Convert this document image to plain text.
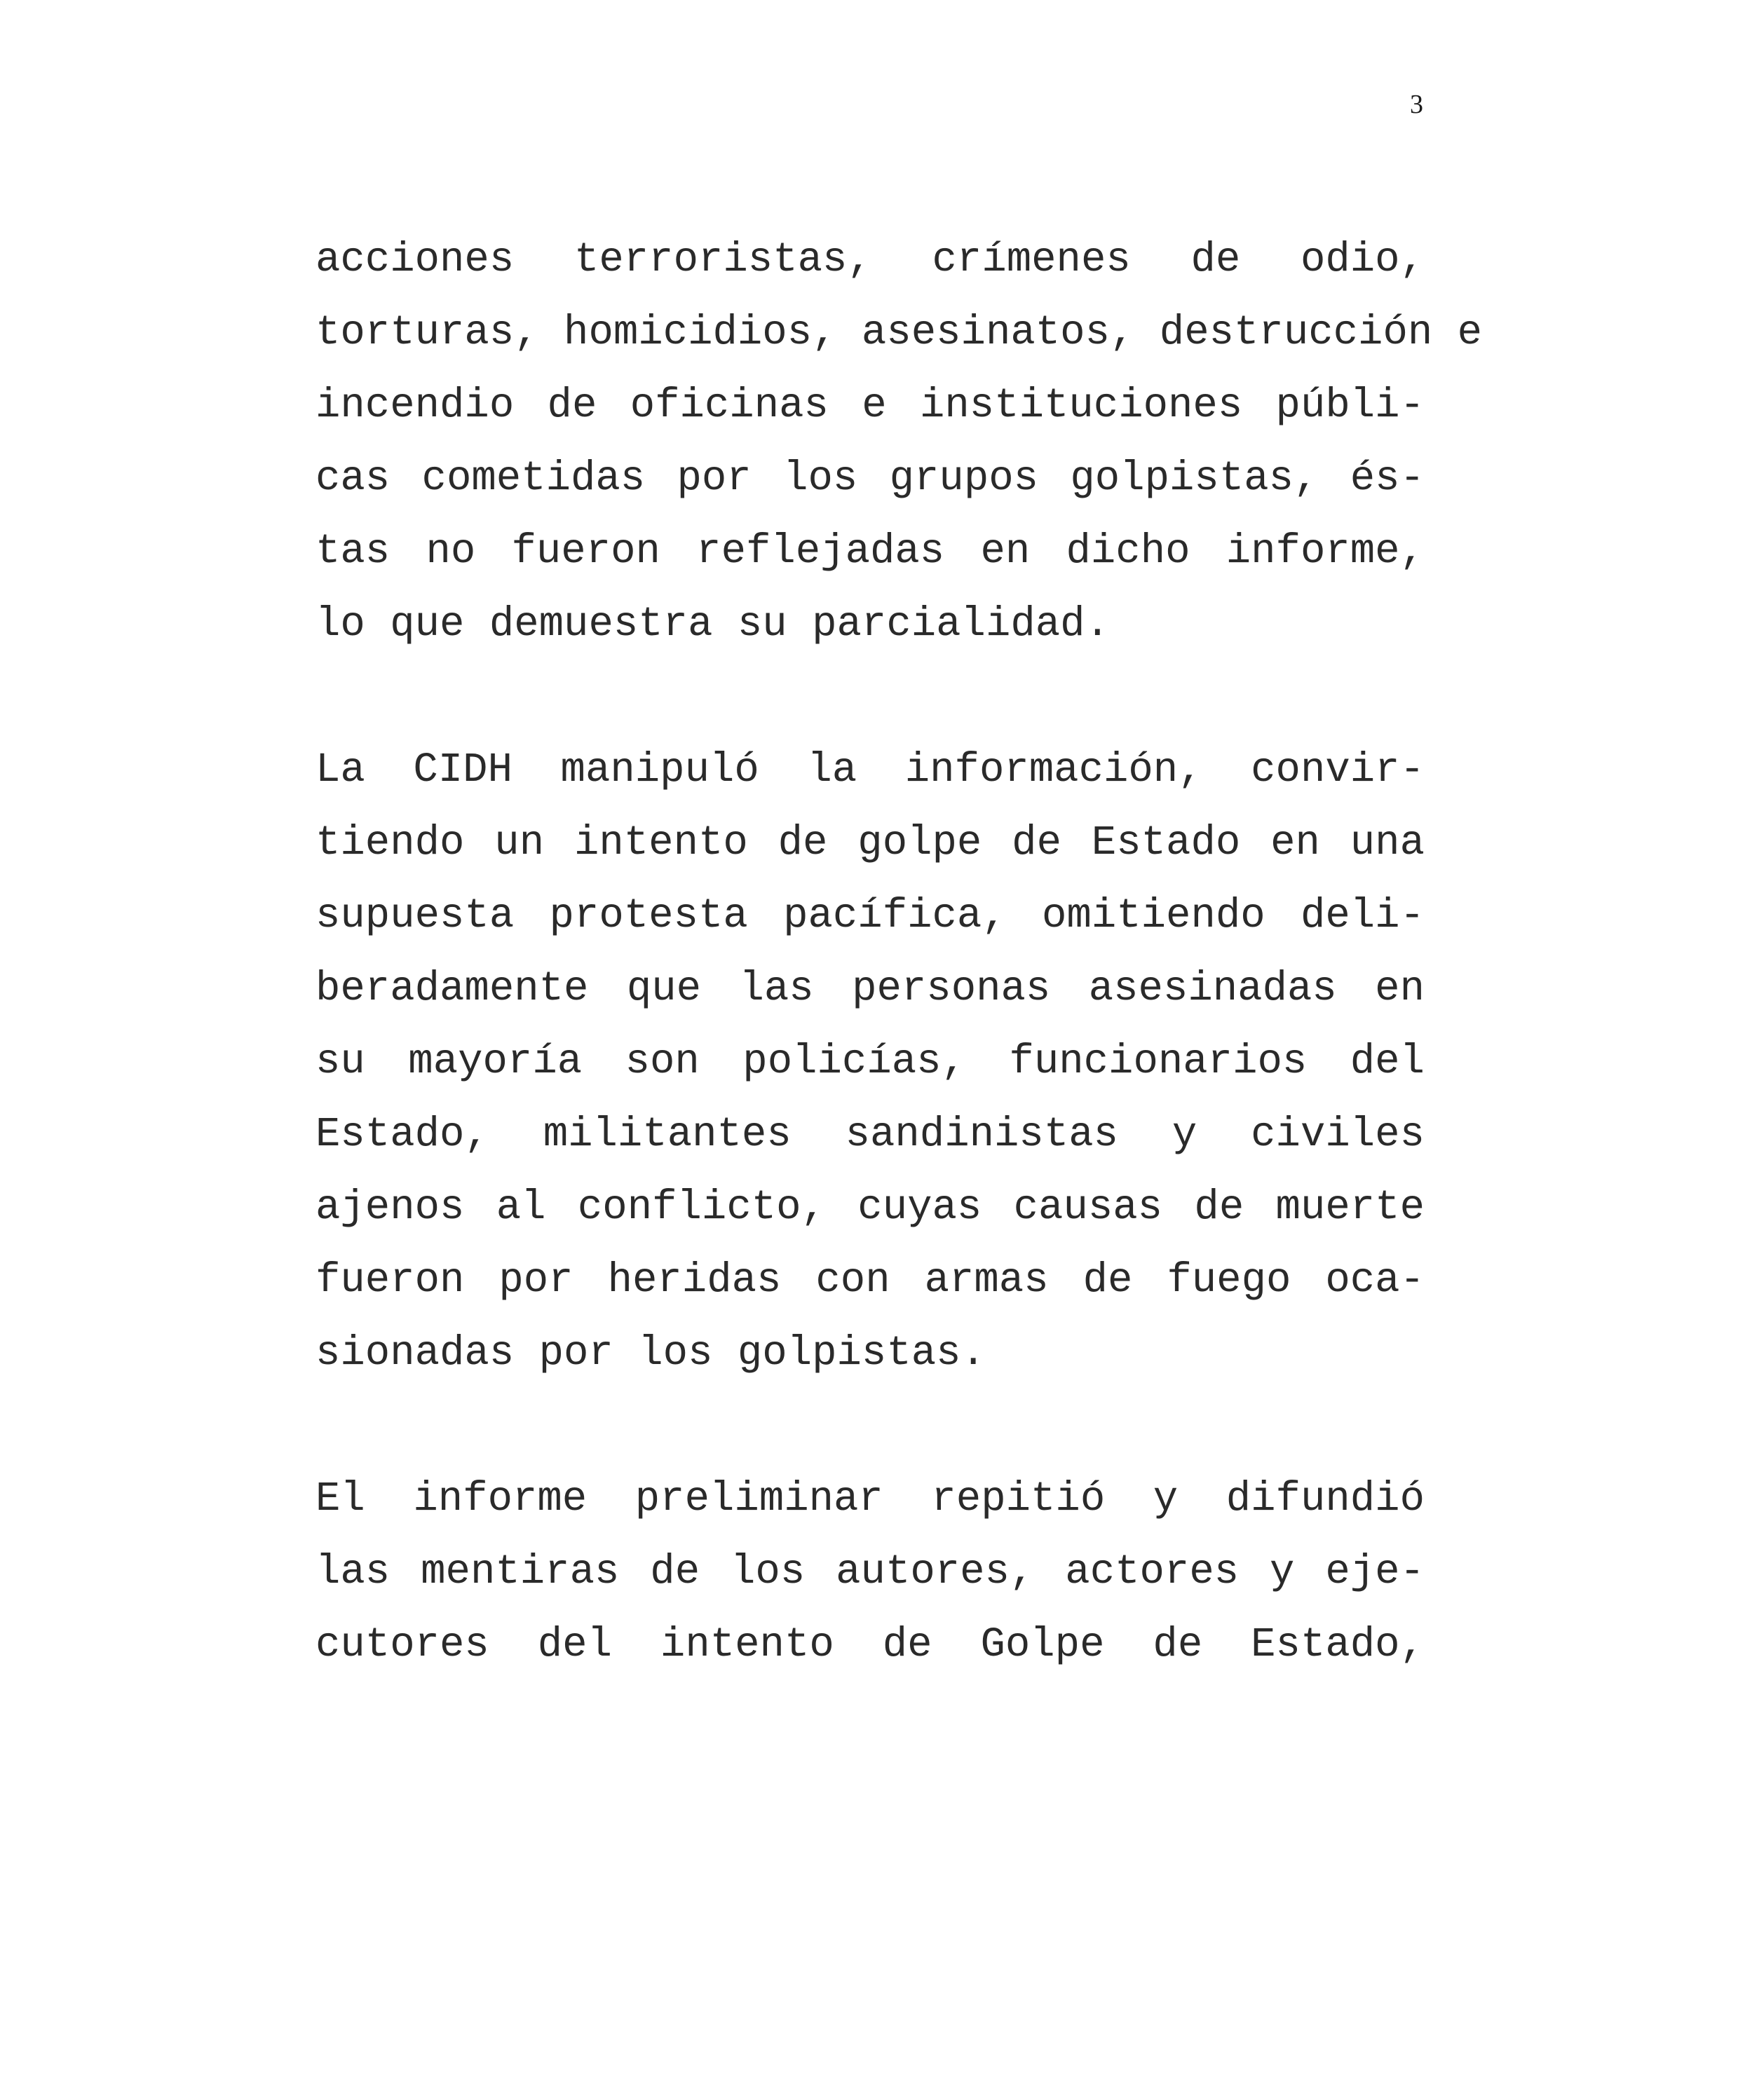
3
acciones terroristas, crímenes de odio,
torturas, homicidios, asesinatos, destrucción e
incendio de oficinas e instituciones públi-
cas cometidas por los grupos golpistas, és-
tas no fueron reflejadas en dicho informe,
lo que demuestra su parcialidad.
La CIDH manipuló la información, convir-
tiendo un intento de golpe de Estado en una
supuesta protesta pacífica, omitiendo deli-
beradamente que las personas asesinadas en
su mayoría son policías, funcionarios del
Estado, militantes sandinistas y civiles
ajenos al conflicto, cuyas causas de muerte
fueron por heridas con armas de fuego oca-
sionadas por los golpistas.
El informe preliminar repitió y difundió
las mentiras de los autores, actores y eje-
cutores del intento de Golpe de Estado,
